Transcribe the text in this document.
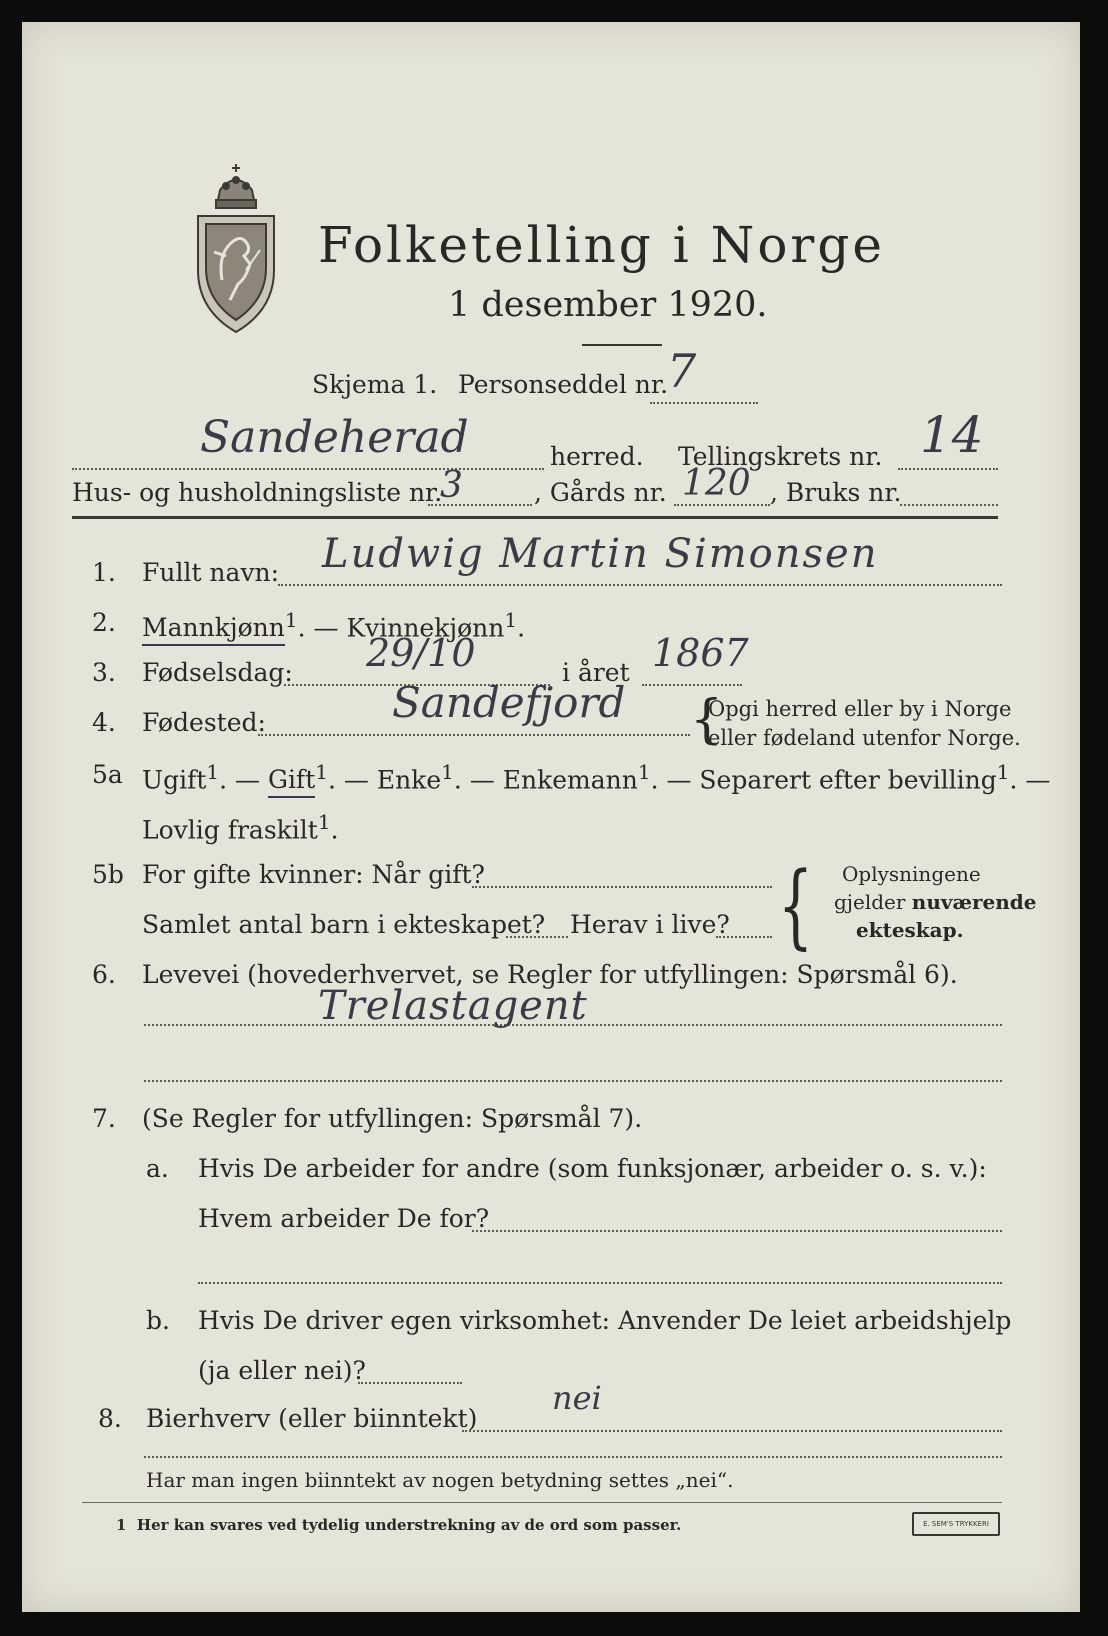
Folketelling i Norge
1 desember 1920.
Skjema 1. Personseddel nr.
7
Sandeherad	herred. Tellingskrets nr. 14
Hus- og husholdningsliste nr.
3	, Gårds nr. 120 , Bruks nr.
1. Fullt navn: Ludwig Martin Simonsen
2. Mannkjønn$^1$. — Kvinnekjønn$^1$.
3. Fødselsdag: 29/10	i året 1867
4. Fødested:	Sandefjord {
Opgi herred eller by i Norge
eller fødeland utenfor Norge.
5a Ugift$^1$. — Gift$^1$. — Enke$^1$. — Enkemann$^1$. — Separert efter bevilling$^1$. —
Lovlig fraskilt$^1$.
5b For gifte kvinner: Når gift?
Samlet antal barn i ekteskapet? Herav i live? { Oplysningene
gjelder nuværende
ekteskap.
6. Levevei (hovederhvervet, se Regler for utfyllingen: Spørsmål 6).
Trelastagent
7. (Se Regler for utfyllingen: Spørsmål 7).
a. Hvis De arbeider for andre (som funksjonær, arbeider o. s. v.):
Hvem arbeider De for?
b. Hvis De driver egen virksomhet: Anvender De leiet arbeidshjelp
(ja eller nei)?
8. Bierhverv (eller biinntekt)
nei
Har man ingen biinntekt av nogen betydning settes „nei“.
1 Her kan svares ved tydelig understrekning av de ord som passer.	E. SEM'S TRYKKERI
